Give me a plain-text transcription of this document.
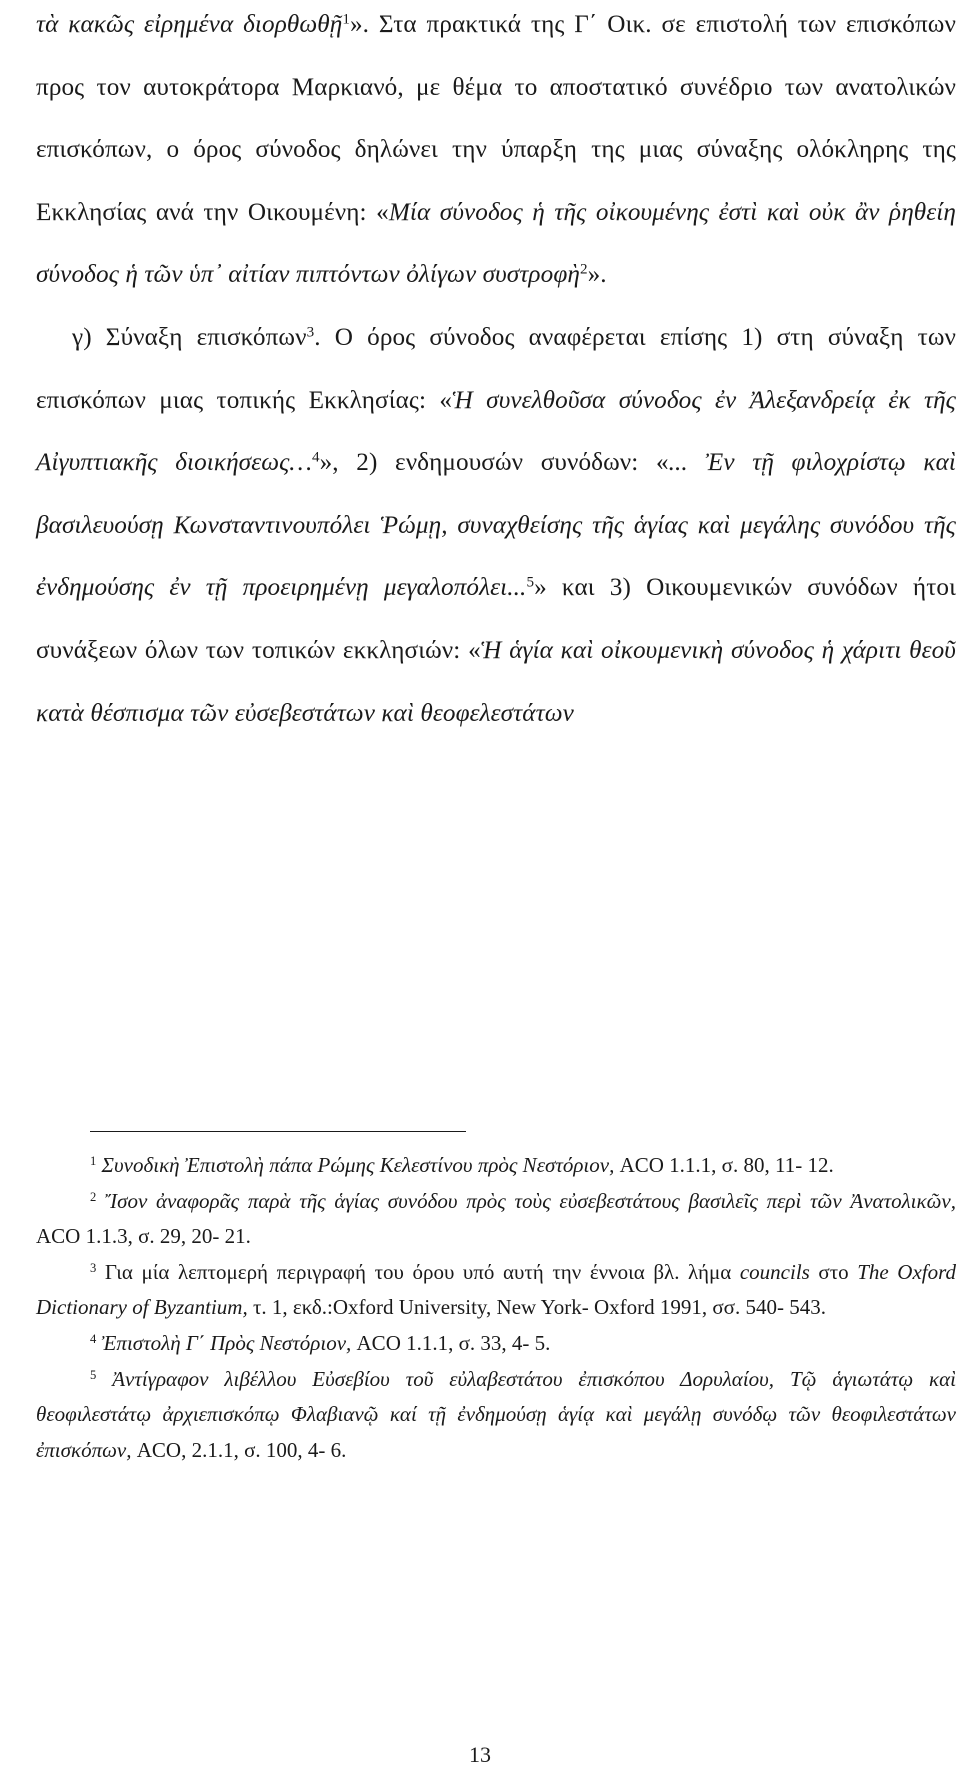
τὰ κακῶς εἰρημένα διορθωθῇ$^1$». Στα πρακτικά της Γ΄ Οικ. σε επιστολή των επισκόπων προς τον αυτοκράτορα Μαρκιανό, με θέμα το αποστατικό συνέδριο των ανατολικών επισκόπων, ο όρος σύνοδος δηλώνει την ύπαρξη της μιας σύναξης ολόκληρης της Εκκλησίας ανά την Οικουμένη: «Μία σύνοδος ἡ τῆς οἰκουμένης ἐστὶ καὶ οὐκ ἂν ῥηθείη σύνοδος ἡ τῶν ὑπ᾽ αἰτίαν πιπτόντων ὀλίγων συστροφὴ$^2$».

γ) Σύναξη επισκόπων$^3$. Ο όρος σύνοδος αναφέρεται επίσης 1) στη σύναξη των επισκόπων μιας τοπικής Εκκλησίας: «Ἡ συνελθοῦσα σύνοδος ἐν Ἀλεξανδρείᾳ ἐκ τῆς Αἰγυπτιακῆς διοικήσεως…$^4$», 2) ενδημουσών συνόδων: «... Ἐν τῇ φιλοχρίστῳ καὶ βασιλευούσῃ Κωνσταντινουπόλει Ῥώμῃ, συναχθείσης τῆς ἁγίας καὶ μεγάλης συνόδου τῆς ἐνδημούσης ἐν τῇ προειρημένῃ μεγαλοπόλει...$^5$» και 3) Οικουμενικών συνόδων ήτοι συνάξεων όλων των τοπικών εκκλησιών: «Ἡ ἁγία καὶ οἰκουμενικὴ σύνοδος ἡ χάριτι θεοῦ κατὰ θέσπισμα τῶν εὐσεβεστάτων καὶ θεοφελεστάτων

$^1$ Συνοδικὴ Ἐπιστολὴ πάπα Ρώμης Κελεστίνου πρὸς Νεστόριον, ACO 1.1.1, σ. 80, 11- 12.

$^2$ Ἴσον ἀναφορᾶς παρὰ τῆς ἁγίας συνόδου πρὸς τοὺς εὐσεβεστάτους βασιλεῖς περὶ τῶν Ἀνατολικῶν, ACO 1.1.3, σ. 29, 20- 21.

$^3$ Για μία λεπτομερή περιγραφή του όρου υπό αυτή την έννοια βλ. λήμα councils στο The Oxford Dictionary of Byzantium, τ. 1, εκδ.:Oxford University, New York- Oxford 1991, σσ. 540- 543.

$^4$ Ἐπιστολὴ Γ΄ Πρὸς Νεστόριον, ACO 1.1.1, σ. 33, 4- 5.

$^5$ Ἀντίγραφον λιβέλλου Εὐσεβίου τοῦ εὐλαβεστάτου ἐπισκόπου Δορυλαίου, Τῷ ἁγιωτάτῳ καὶ θεοφιλεστάτῳ ἀρχιεπισκόπῳ Φλαβιανῷ καί τῇ ἐνδημούσῃ ἁγίᾳ καὶ μεγάλῃ συνόδῳ τῶν θεοφιλεστάτων ἐπισκόπων, ACO, 2.1.1, σ. 100, 4- 6.

13
